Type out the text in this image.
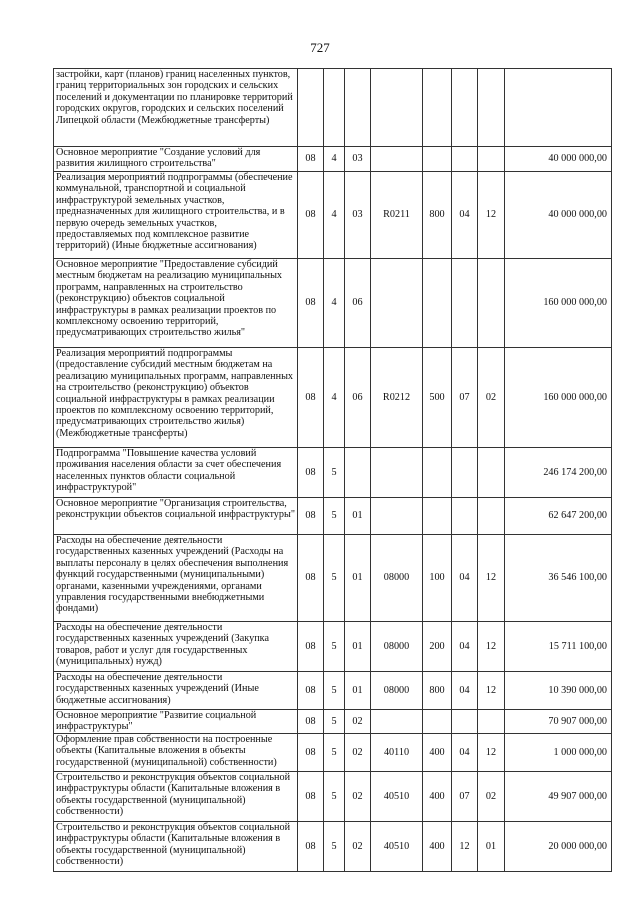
727
застройки, карт (планов) границ населенных пунктов, границ территориальных зон городских и сельских поселений и документации по планировке территорий городских округов, городских и сельских поселений Липецкой области (Межбюджетные трансферты)								
Основное мероприятие "Создание условий для развития жилищного строительства"	08	4	03					40 000 000,00
Реализация мероприятий подпрограммы (обеспечение коммунальной, транспортной и социальной инфраструктурой земельных участков, предназначенных для жилищного строительства, и в первую очередь земельных участков, предоставляемых под комплексное развитие территорий) (Иные бюджетные ассигнования)	08	4	03	R0211	800	04	12	40 000 000,00
Основное мероприятие "Предоставление субсидий местным бюджетам на реализацию муниципальных программ, направленных на строительство (реконструкцию) объектов социальной инфраструктуры в рамках реализации проектов по комплексному освоению территорий, предусматривающих строительство жилья"	08	4	06					160 000 000,00
Реализация мероприятий подпрограммы (предоставление субсидий местным бюджетам на реализацию муниципальных программ, направленных на строительство (реконструкцию) объектов социальной инфраструктуры в рамках реализации проектов по комплексному освоению территорий, предусматривающих строительство жилья) (Межбюджетные трансферты)	08	4	06	R0212	500	07	02	160 000 000,00
Подпрограмма "Повышение качества условий проживания населения области за счет обеспечения населенных пунктов области социальной инфраструктурой"	08	5						246 174 200,00
Основное мероприятие "Организация строительства, реконструкции объектов социальной инфраструктуры"	08	5	01					62 647 200,00
Расходы на обеспечение деятельности государственных казенных учреждений (Расходы на выплаты персоналу в целях обеспечения выполнения функций государственными (муниципальными) органами, казенными учреждениями, органами управления государственными внебюджетными фондами)	08	5	01	08000	100	04	12	36 546 100,00
Расходы на обеспечение деятельности государственных казенных учреждений (Закупка товаров, работ и услуг для государственных (муниципальных) нужд)	08	5	01	08000	200	04	12	15 711 100,00
Расходы на обеспечение деятельности государственных казенных учреждений (Иные бюджетные ассигнования)	08	5	01	08000	800	04	12	10 390 000,00
Основное мероприятие "Развитие социальной инфраструктуры"	08	5	02					70 907 000,00
Оформление прав собственности на построенные объекты (Капитальные вложения в объекты государственной (муниципальной) собственности)	08	5	02	40110	400	04	12	1 000 000,00
Строительство и реконструкция объектов социальной инфраструктуры области (Капитальные вложения в объекты государственной (муниципальной) собственности)	08	5	02	40510	400	07	02	49 907 000,00
Строительство и реконструкция объектов социальной инфраструктуры области (Капитальные вложения в объекты государственной (муниципальной) собственности)	08	5	02	40510	400	12	01	20 000 000,00
